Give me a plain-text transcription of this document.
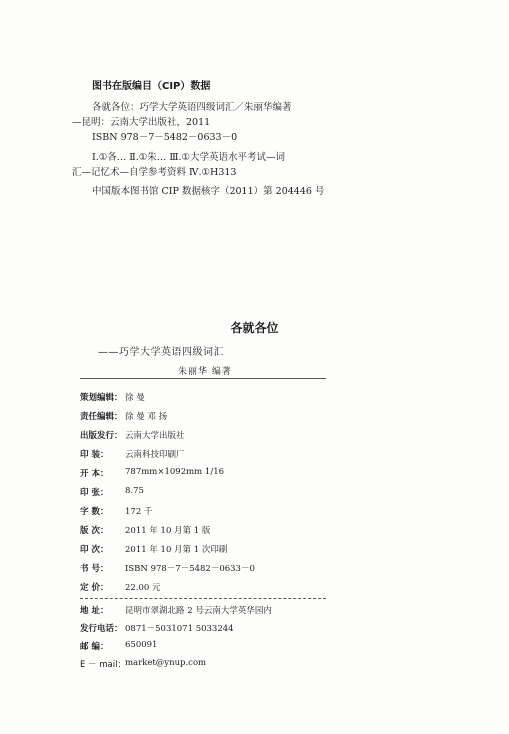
图书在版编目（CIP）数据
各就各位：巧学大学英语四级词汇／朱丽华编著
—昆明：云南大学出版社，2011
ISBN 978－7－5482－0633－0
Ⅰ.①各… Ⅱ.①朱… Ⅲ.①大学英语水平考试—词
汇—记忆术—自学参考资料 Ⅳ.①H313
中国版本图书馆 CIP 数据核字（2011）第 204446 号
各就各位
——巧学大学英语四级词汇
朱丽华 编著
策划编辑： 徐 曼
责任编辑： 徐 曼 邓 扬
出版发行： 云南大学出版社
印 装： 云南科技印刷厂
开 本： 787mm×1092mm 1/16
印 张： 8.75
字 数： 172 千
版 次： 2011 年 10 月第 1 版
印 次： 2011 年 10 月第 1 次印刷
书 号： ISBN 978－7－5482－0633－0
定 价： 22.00 元
地 址： 昆明市翠湖北路 2 号云南大学英华园内
发行电话： 0871－5031071 5033244
邮 编： 650091
E － mail： market@ynup.com
